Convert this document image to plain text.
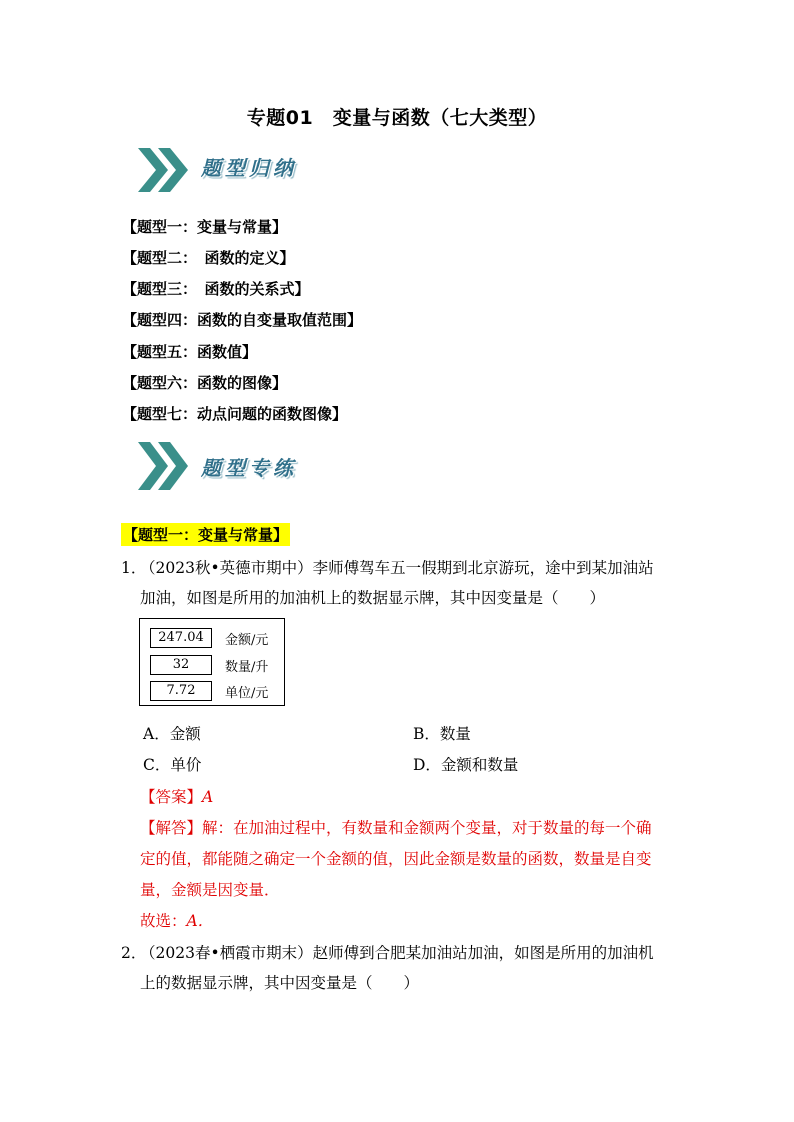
专题01　变量与函数（七大类型）
题型归纳
【题型一：变量与常量】
【题型二：　函数的定义】
【题型三：　函数的关系式】
【题型四：函数的自变量取值范围】
【题型五：函数值】
【题型六：函数的图像】
【题型七：动点问题的函数图像】
题型专练
【题型一：变量与常量】
1．
（2023秋•英德市期中）李师傅驾车五一假期到北京游玩，途中到某加油站
加油，如图是所用的加油机上的数据显示牌，其中因变量是（　　）
247.04	金额/元
32	数量/升
7.72	单位/元
A．金额	B．数量
C．单价	D．金额和数量
【答案】A
【解答】解：在加油过程中，有数量和金额两个变量，对于数量的每一个确
定的值，都能随之确定一个金额的值，因此金额是数量的函数，数量是自变
量，金额是因变量．
故选：A．
2．
（2023春•栖霞市期末）赵师傅到合肥某加油站加油，如图是所用的加油机
上的数据显示牌，其中因变量是（　　）
